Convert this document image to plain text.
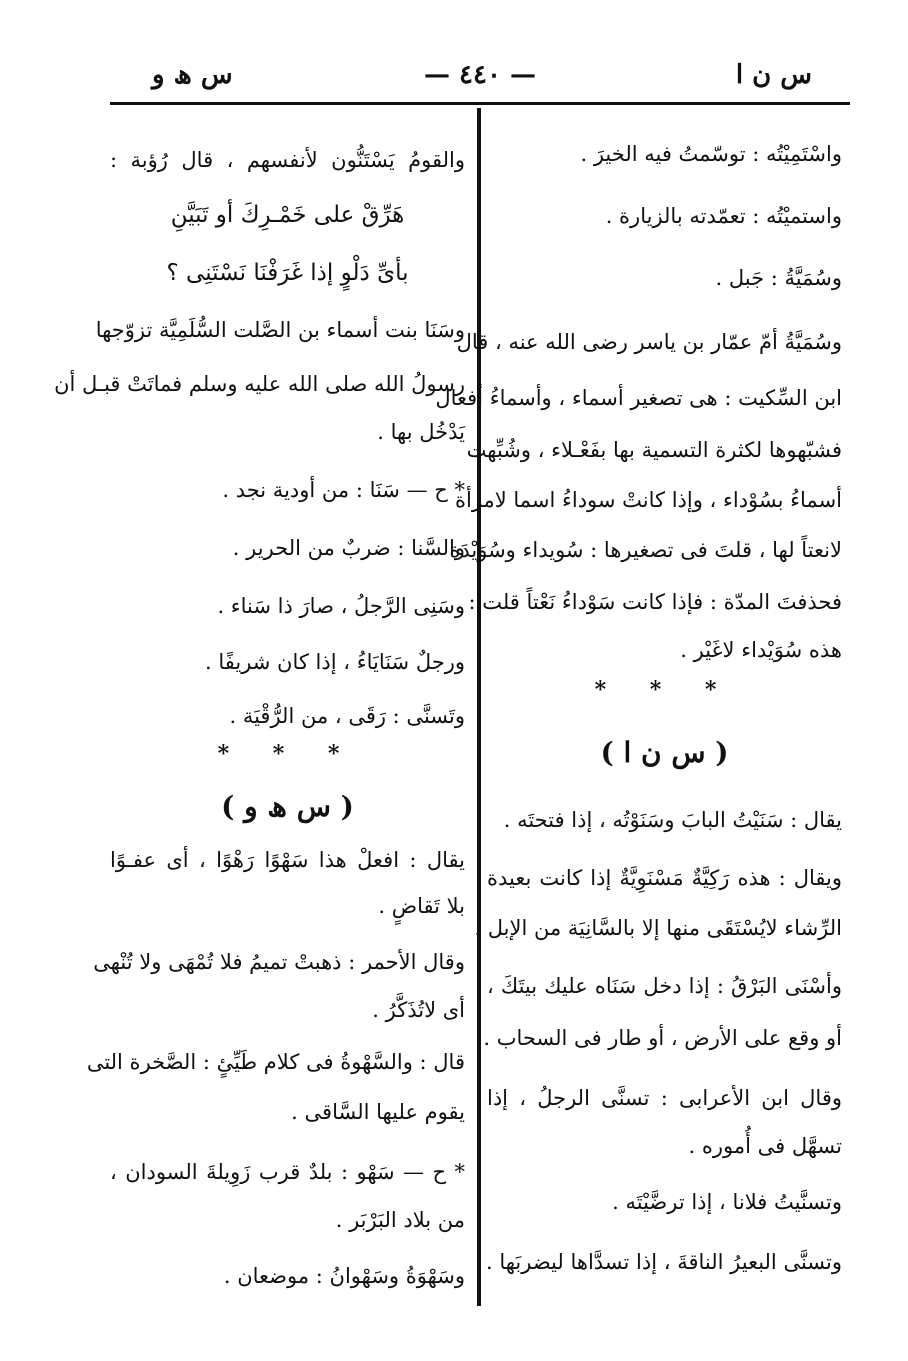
س ن ا
— ٤٤٠ —
س ھ و
واسْتَمِيْتُه : توسّمتُ فيه الخيرَ .
واستميْتُه : تعمّدته بالزيارة .
وسُمَيَّةُ : جَبل .
وسُمَيَّةُ أمّ عمّار بن ياسر رضى الله عنه ، قال
ابن السِّكيت : هى تصغير أسماء ، وأسماءُ أفعال
فشبّهوها لكثرة التسمية بها بفَعْـلاء ، وشُبِّهت
أسماءُ بسُوْداء ، وإذا كانتْ سوداءُ اسما لامرأة
لانعتاً لها ، قلتَ فى تصغيرها : سُويداء وسُوَيْدَة
فحذفتَ المدّة : فإذا كانت سَوْداءُ نَعْتاً قلت :
هذه سُوَيْداء لاغَيْر .
* * *
( س ن ا )
يقال : سَنَيْتُ البابَ وسَنَوْتُه ، إذا فتحتَه .
ويقال : هذه رَكِيَّةٌ مَسْنَوِيَّةٌ إذا كانت بعيدة
الرِّشاء لايُسْتَقَى منها إلا بالسَّانِيَة من الإبل .
وأسْنَى البَرْقُ : إذا دخل سَنَاه عليك بيتَكَ ،
أو وقع على الأرض ، أو طار فى السحاب .
وقال ابن الأعرابى : تسنَّى الرجلُ ، إذا
تسهَّل فى أُموره .
وتسنَّيتُ فلانا ، إذا ترضَّيْتَه .
وتسنَّى البعيرُ الناقةَ ، إذا تسدَّاها ليضربَها .
والقومُ يَسْتَنُّون لأنفسهم ، قال رُؤبة :
هَرِّقْ على خَمْـرِكَ أو تَبَيَّنِ
بأىِّ دَلْوٍ إذا غَرَفْنَا نَسْتَنِى ؟
وسَنَا بنت أسماء بن الصَّلت السُّلَمِيَّة تزوّجها
رسولُ الله صلى الله عليه وسلم فماتَتْ قبـل أن
يَدْخُل بها .
* ح — سَنَا : من أودية نجد .
والسَّنا : ضربٌ من الحرير .
وسَنِى الرَّجلُ ، صارَ ذا سَناء .
ورجلٌ سَنَايَاءُ ، إذا كان شريفًا .
وتَسنَّى : رَقَى ، من الرُّقْيَة .
* * *
( س ھ و )
يقال : افعلْ هذا سَهْوًا رَهْوًا ، أى عفـوًا
بلا تَقاضٍ .
وقال الأحمر : ذهبتْ تميمُ فلا تُمْهَى ولا تُنْهى
أى لاتُذَكَّرُ .
قال : والسَّهْوةُ فى كلام طَيِّئٍ : الصَّخرة التى
يقوم عليها السَّاقى .
* ح — سَهْو : بلدٌ قرب زَوِيلةَ السودان ،
من بلاد البَرْبَر .
وسَهْوَةُ وسَهْوانُ : موضعان .
